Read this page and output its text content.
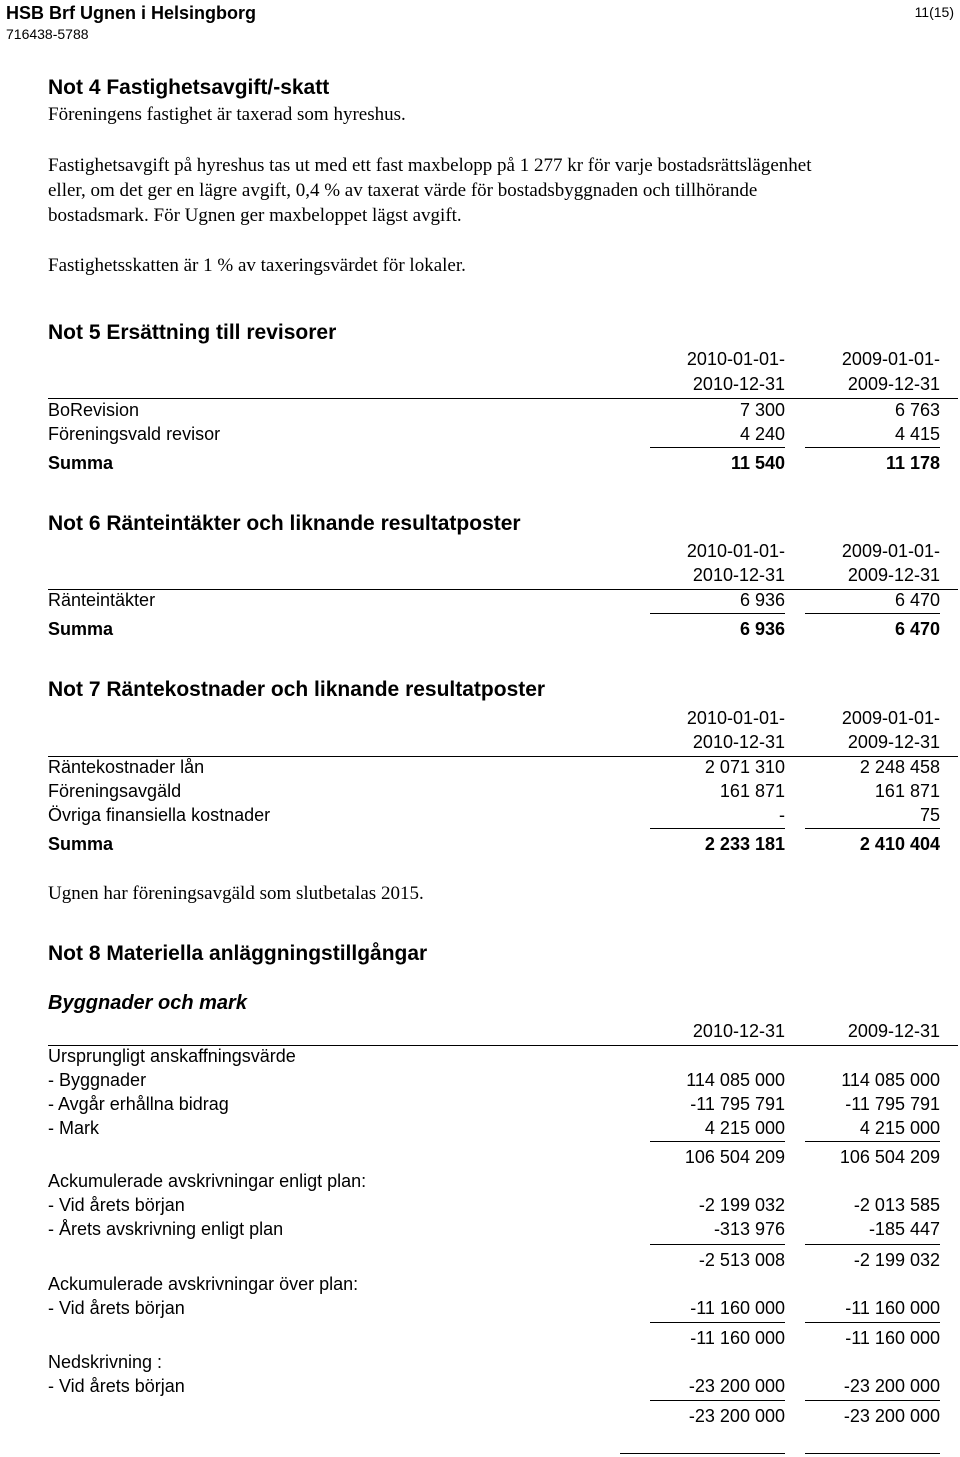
HSB Brf Ugnen i Helsingborg
716438-5788
11(15)
Not 4 Fastighetsavgift/-skatt
Föreningens fastighet är taxerad som hyreshus.
Fastighetsavgift på hyreshus tas ut med ett fast maxbelopp på 1 277 kr för varje bostadsrättslägenhet
eller, om det ger en lägre avgift, 0,4 % av taxerat värde för bostadsbyggnaden och tillhörande
bostadsmark. För Ugnen ger maxbeloppet lägst avgift.
Fastighetsskatten är 1 % av taxeringsvärdet för lokaler.
Not 5 Ersättning till revisorer
2010-01-01-	2009-01-01-
2010-12-31	2009-12-31
BoRevision	7 300	6 763
Föreningsvald revisor	4 240	4 415
Summa	11 540	11 178
Not 6 Ränteintäkter och liknande resultatposter
2010-01-01-	2009-01-01-
2010-12-31	2009-12-31
Ränteintäkter	6 936	6 470
Summa	6 936	6 470
Not 7 Räntekostnader och liknande resultatposter
2010-01-01-	2009-01-01-
2010-12-31	2009-12-31
Räntekostnader lån	2 071 310	2 248 458
Föreningsavgäld	161 871	161 871
Övriga finansiella kostnader	-	75
Summa	2 233 181	2 410 404
Ugnen har föreningsavgäld som slutbetalas 2015.
Not 8 Materiella anläggningstillgångar
Byggnader och mark
2010-12-31	2009-12-31
Ursprungligt anskaffningsvärde
- Byggnader	114 085 000	114 085 000
- Avgår erhållna bidrag	-11 795 791	-11 795 791
- Mark	4 215 000	4 215 000
106 504 209	106 504 209
Ackumulerade avskrivningar enligt plan:
- Vid årets början	-2 199 032	-2 013 585
- Årets avskrivning enligt plan	-313 976	-185 447
-2 513 008	-2 199 032
Ackumulerade avskrivningar över plan:
- Vid årets början	-11 160 000	-11 160 000
-11 160 000	-11 160 000
Nedskrivning :
- Vid årets början	-23 200 000	-23 200 000
-23 200 000	-23 200 000
